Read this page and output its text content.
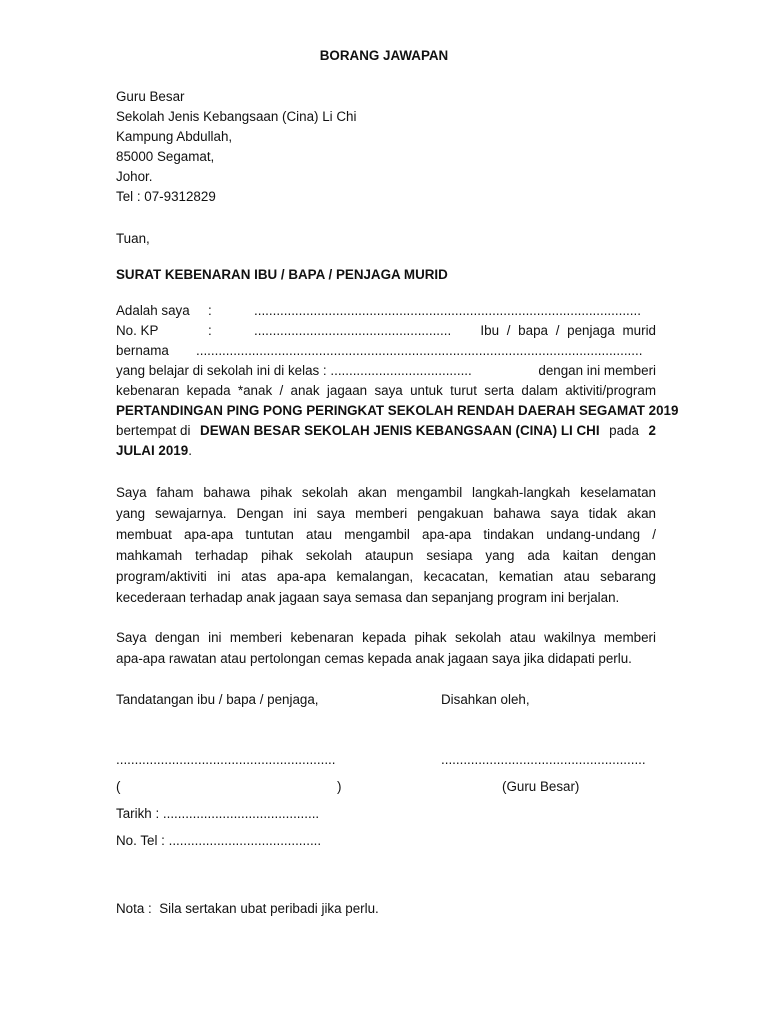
BORANG JAWAPAN
Guru Besar
Sekolah Jenis Kebangsaan (Cina) Li Chi
Kampung Abdullah,
85000 Segamat,
Johor.
Tel : 07-9312829
Tuan,
SURAT KEBENARAN IBU / BAPA / PENJAGA MURID
Adalah saya	:	........................................................................................................
No. KP	:	.....................................................	Ibu / bapa / penjaga murid
bernama	........................................................................................................................
yang belajar di sekolah ini di kelas : ......................................	dengan ini memberi
kebenaran kepada *anak / anak jagaan saya untuk turut serta dalam aktiviti/program
PERTANDINGAN PING PONG PERINGKAT SEKOLAH RENDAH DAERAH SEGAMAT 2019
bertempat di DEWAN BESAR SEKOLAH JENIS KEBANGSAAN (CINA) LI CHI pada 2
JULAI 2019.
Saya faham bahawa pihak sekolah akan mengambil langkah-langkah keselamatan
yang sewajarnya. Dengan ini saya memberi pengakuan bahawa saya tidak akan
membuat apa-apa tuntutan atau mengambil apa-apa tindakan undang-undang /
mahkamah terhadap pihak sekolah ataupun sesiapa yang ada kaitan dengan
program/aktiviti ini atas apa-apa kemalangan, kecacatan, kematian atau sebarang
kecederaan terhadap anak jagaan saya semasa dan sepanjang program ini berjalan.
Saya dengan ini memberi kebenaran kepada pihak sekolah atau wakilnya memberi
apa-apa rawatan atau pertolongan cemas kepada anak jagaan saya jika didapati perlu.
Tandatangan ibu / bapa / penjaga,	Disahkan oleh,
...........................................................	.......................................................
(	)	(Guru Besar)
Tarikh : ..........................................
No. Tel : .........................................
Nota : Sila sertakan ubat peribadi jika perlu.
